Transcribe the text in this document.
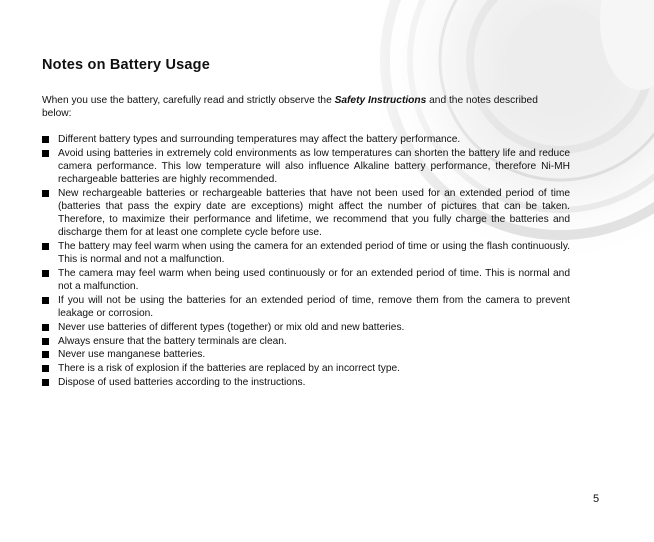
Notes on Battery Usage

When you use the battery, carefully read and strictly observe the Safety Instructions and the notes described below:

Different battery types and surrounding temperatures may affect the battery performance.
Avoid using batteries in extremely cold environments as low temperatures can shorten the battery life and reduce camera performance. This low temperature will also influence Alkaline battery performance, therefore Ni-MH rechargeable batteries are highly recommended.
New rechargeable batteries or rechargeable batteries that have not been used for an extended period of time (batteries that pass the expiry date are exceptions) might affect the number of pictures that can be taken. Therefore, to maximize their performance and lifetime, we recommend that you fully charge the batteries and discharge them for at least one complete cycle before use.
The battery may feel warm when using the camera for an extended period of time or using the flash continuously. This is normal and not a malfunction.
The camera may feel warm when being used continuously or for an extended period of time. This is normal and not a malfunction.
If you will not be using the batteries for an extended period of time, remove them from the camera to prevent leakage or corrosion.
Never use batteries of different types (together) or mix old and new batteries.
Always ensure that the battery terminals are clean.
Never use manganese batteries.
There is a risk of explosion if the batteries are replaced by an incorrect type.
Dispose of used batteries according to the instructions.
5
